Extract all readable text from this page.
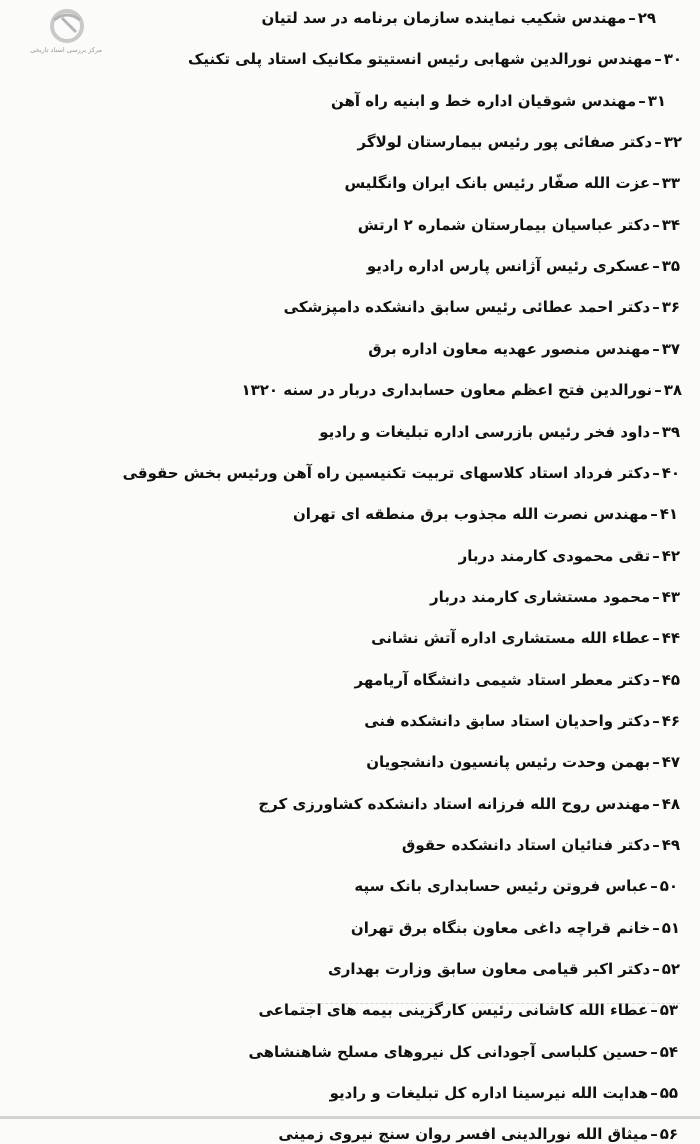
مرکز بررسی اسناد تاریخی
۲۹–مهندس شکیب نماینده سازمان برنامه در سد لتیان
۳۰–مهندس نورالدین شهابی رئیس انستیتو مکانیک استاد پلی تکنیک
۳۱–مهندس شوقیان اداره خط و ابنیه راه آهن
۳۲–دکتر صفائی پور رئیس بیمارستان لولاگر
۳۳–عزت الله صفّار رئیس بانک ایران وانگلیس
۳۴–دکتر عباسیان بیمارستان شماره ۲ ارتش
۳۵–عسکری رئیس آژانس پارس اداره رادیو
۳۶–دکتر احمد عطائی رئیس سابق دانشکده دامپزشکی
۳۷–مهندس منصور عهدیه معاون اداره برق
۳۸–نورالدین فتح اعظم معاون حسابداری دربار در سنه ۱۳۲۰
۳۹–داود فخر رئیس بازرسی اداره تبلیغات و رادیو
۴۰–دکتر فرداد استاد کلاسهای تربیت تکنیسین راه آهن ورئیس بخش حقوقی
۴۱–مهندس نصرت الله مجذوب برق منطقه ای تهران
۴۲–تقی محمودی کارمند دربار
۴۳–محمود مستشاری کارمند دربار
۴۴–عطاء الله مستشاری اداره آتش نشانی
۴۵–دکتر معطر استاد شیمی دانشگاه آریامهر
۴۶–دکتر واحدیان استاد سابق دانشکده فنی
۴۷–بهمن وحدت رئیس پانسیون دانشجویان
۴۸–مهندس روح الله فرزانه استاد دانشکده کشاورزی کرج
۴۹–دکتر فنائیان استاد دانشکده حقوق
۵۰–عباس فروتن رئیس حسابداری بانک سپه
۵۱–خانم قراچه داغی معاون بنگاه برق تهران
۵۲–دکتر اکبر قیامی معاون سابق وزارت بهداری
۵۳–عطاء الله کاشانی رئیس کارگزینی بیمه های اجتماعی
۵۴–حسین کلباسی آجودانی کل نیروهای مسلح شاهنشاهی
۵۵–هدایت الله نیرسینا اداره کل تبلیغات و رادیو
۵۶–میثاق الله نورالدینی افسر روان سنج نیروی زمینی
